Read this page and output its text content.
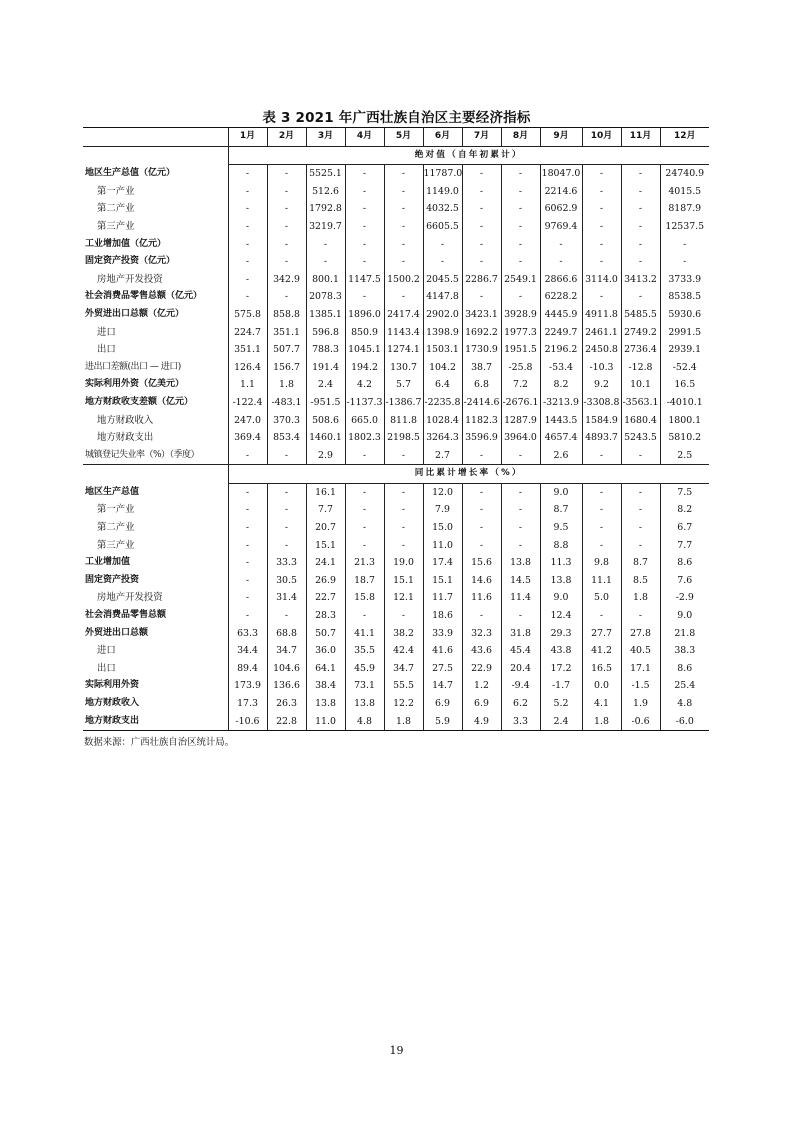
表 3 2021 年广西壮族自治区主要经济指标
	1月	2月	3月	4月	5月	6月	7月	8月	9月	10月	11月	12月
	绝对值（自年初累计）											
地区生产总值（亿元）	-	-	5525.1	-	-	11787.0	-	-	18047.0	-	-	24740.9
第一产业	-	-	512.6	-	-	1149.0	-	-	2214.6	-	-	4015.5
第二产业	-	-	1792.8	-	-	4032.5	-	-	6062.9	-	-	8187.9
第三产业	-	-	3219.7	-	-	6605.5	-	-	9769.4	-	-	12537.5
工业增加值（亿元）	-	-	-	-	-	-	-	-	-	-	-	-
固定资产投资（亿元）	-	-	-	-	-	-	-	-	-	-	-	-
房地产开发投资	-	342.9	800.1	1147.5	1500.2	2045.5	2286.7	2549.1	2866.6	3114.0	3413.2	3733.9
社会消费品零售总额（亿元）	-	-	2078.3	-	-	4147.8	-	-	6228.2	-	-	8538.5
外贸进出口总额（亿元）	575.8	858.8	1385.1	1896.0	2417.4	2902.0	3423.1	3928.9	4445.9	4911.8	5485.5	5930.6
进口	224.7	351.1	596.8	850.9	1143.4	1398.9	1692.2	1977.3	2249.7	2461.1	2749.2	2991.5
出口	351.1	507.7	788.3	1045.1	1274.1	1503.1	1730.9	1951.5	2196.2	2450.8	2736.4	2939.1
进出口差额(出口 — 进口)	126.4	156.7	191.4	194.2	130.7	104.2	38.7	-25.8	-53.4	-10.3	-12.8	-52.4
实际利用外资（亿美元）	1.1	1.8	2.4	4.2	5.7	6.4	6.8	7.2	8.2	9.2	10.1	16.5
地方财政收支差额（亿元）	-122.4	-483.1	-951.5	-1137.3	-1386.7	-2235.8	-2414.6	-2676.1	-3213.9	-3308.8	-3563.1	-4010.1
地方财政收入	247.0	370.3	508.6	665.0	811.8	1028.4	1182.3	1287.9	1443.5	1584.9	1680.4	1800.1
地方财政支出	369.4	853.4	1460.1	1802.3	2198.5	3264.3	3596.9	3964.0	4657.4	4893.7	5243.5	5810.2
城镇登记失业率（%）（季度）	-	-	2.9	-	-	2.7	-	-	2.6	-	-	2.5
	同比累计增长率（%）											
地区生产总值	-	-	16.1	-	-	12.0	-	-	9.0	-	-	7.5
第一产业	-	-	7.7	-	-	7.9	-	-	8.7	-	-	8.2
第二产业	-	-	20.7	-	-	15.0	-	-	9.5	-	-	6.7
第三产业	-	-	15.1	-	-	11.0	-	-	8.8	-	-	7.7
工业增加值	-	33.3	24.1	21.3	19.0	17.4	15.6	13.8	11.3	9.8	8.7	8.6
固定资产投资	-	30.5	26.9	18.7	15.1	15.1	14.6	14.5	13.8	11.1	8.5	7.6
房地产开发投资	-	31.4	22.7	15.8	12.1	11.7	11.6	11.4	9.0	5.0	1.8	-2.9
社会消费品零售总额	-	-	28.3	-	-	18.6	-	-	12.4	-	-	9.0
外贸进出口总额	63.3	68.8	50.7	41.1	38.2	33.9	32.3	31.8	29.3	27.7	27.8	21.8
进口	34.4	34.7	36.0	35.5	42.4	41.6	43.6	45.4	43.8	41.2	40.5	38.3
出口	89.4	104.6	64.1	45.9	34.7	27.5	22.9	20.4	17.2	16.5	17.1	8.6
实际利用外资	173.9	136.6	38.4	73.1	55.5	14.7	1.2	-9.4	-1.7	0.0	-1.5	25.4
地方财政收入	17.3	26.3	13.8	13.8	12.2	6.9	6.9	6.2	5.2	4.1	1.9	4.8
地方财政支出	-10.6	22.8	11.0	4.8	1.8	5.9	4.9	3.3	2.4	1.8	-0.6	-6.0
数据来源：广西壮族自治区统计局。
19
